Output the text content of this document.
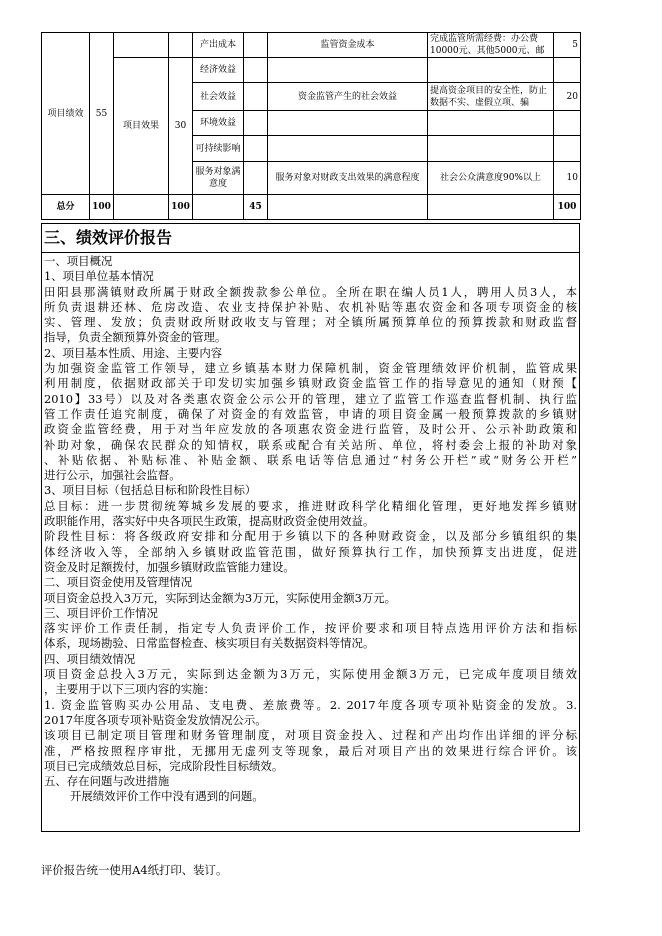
项目绩效	55			产出成本		监管资金成本	完成监管所需经费：办公费10000元、其他5000元、邮	5
		项目效果	30	经济效益				
				社会效益		资金监管产生的社会效益	提高资金项目的安全性，防止数据不实、虚假立项、骗	20
				环境效益				
				可持续影响				
				服务对象满意度		服务对象对财政支出效果的满意程度	社会公众满意度90%以上	10
总分	100		100		45			100
三、绩效评价报告

一、项目概况

1、项目单位基本情况

田阳县那满镇财政所属于财政全额拨款参公单位。全所在职在编人员1人，聘用人员3人，本

所负责退耕还林、危房改造、农业支持保护补贴、农机补贴等惠农资金和各项专项资金的核

实、管理、发放；负责财政所财政收支与管理；对全镇所属预算单位的预算拨款和财政监督

指导，负责全额预算外资金的管理。

2、项目基本性质、用途、主要内容

为加强资金监管工作领导，建立乡镇基本财力保障机制，资金管理绩效评价机制，监管成果

利用制度，依据财政部关于印发切实加强乡镇财政资金监管工作的指导意见的通知（财预【

2010】33号）以及对各类惠农资金公示公开的管理，建立了监管工作巡查监督机制、执行监

管工作责任追究制度，确保了对资金的有效监管，申请的项目资金属一般预算拨款的乡镇财

政资金监管经费，用于对当年应发放的各项惠农资金进行监管，及时公开、公示补助政策和

补助对象，确保农民群众的知情权，联系或配合有关站所、单位，将村委会上报的补助对象

、补贴依据、补贴标准、补贴金额、联系电话等信息通过“村务公开栏”或“财务公开栏”

进行公示，加强社会监督。

3、项目目标（包括总目标和阶段性目标）

总目标：进一步贯彻统筹城乡发展的要求，推进财政科学化精细化管理，更好地发挥乡镇财

政职能作用，落实好中央各项民生政策，提高财政资金使用效益。

阶段性目标：将各级政府安排和分配用于乡镇以下的各种财政资金，以及部分乡镇组织的集

体经济收入等，全部纳入乡镇财政监管范围，做好预算执行工作，加快预算支出进度，促进

资金及时足额拨付，加强乡镇财政监管能力建设。

二、项目资金使用及管理情况

项目资金总投入3万元，实际到达金额为3万元，实际使用金额3万元。

三、项目评价工作情况

落实评价工作责任制，指定专人负责评价工作，按评价要求和项目特点选用评价方法和指标

体系，现场勘验、日常监督检查、核实项目有关数据资料等情况。

四、项目绩效情况

项目资金总投入3万元，实际到达金额为3万元，实际使用金额3万元，已完成年度项目绩效

，主要用于以下三项内容的实施：

1. 资金监管购买办公用品、支电费、差旅费等。2. 2017年度各项专项补贴资金的发放。3.

2017年度各项专项补贴资金发放情况公示。

该项目已制定项目管理和财务管理制度，对项目资金投入、过程和产出均作出详细的评分标

准，严格按照程序审批，无挪用无虚列支等现象，最后对项目产出的效果进行综合评价。该

项目已完成绩效总目标，完成阶段性目标绩效。

五、存在问题与改进措施

开展绩效评价工作中没有遇到的问题。

评价报告统一使用A4纸打印、装订。
